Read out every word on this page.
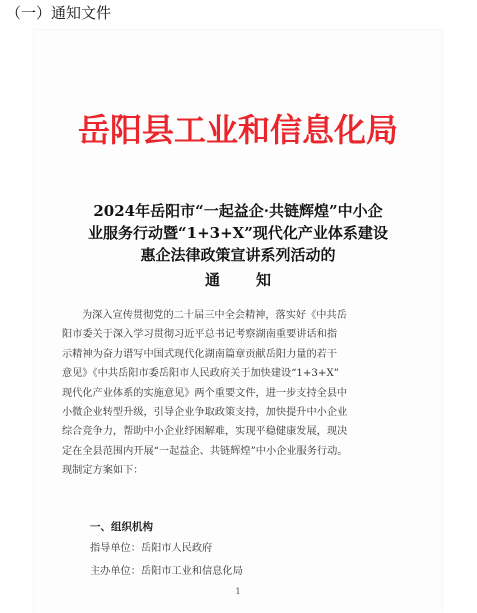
（一）通知文件
岳阳县工业和信息化局
2024年岳阳市“一起益企·共链辉煌”中小企
业服务行动暨“1+3+X”现代化产业体系建设
惠企法律政策宣讲系列活动的
通知
为深入宣传贯彻党的二十届三中全会精神，落实好《中共岳
阳市委关于深入学习贯彻习近平总书记考察湖南重要讲话和指
示精神为奋力谱写中国式现代化湖南篇章贡献岳阳力量的若干
意见》《中共岳阳市委岳阳市人民政府关于加快建设“1+3+X”
现代化产业体系的实施意见》两个重要文件，进一步支持全县中
小微企业转型升级，引导企业争取政策支持，加快提升中小企业
综合竞争力，帮助中小企业纾困解难，实现平稳健康发展，现决
定在全县范围内开展“一起益企、共链辉煌”中小企业服务行动。
现制定方案如下：
一、组织机构
指导单位：岳阳市人民政府
主办单位：岳阳市工业和信息化局
1
